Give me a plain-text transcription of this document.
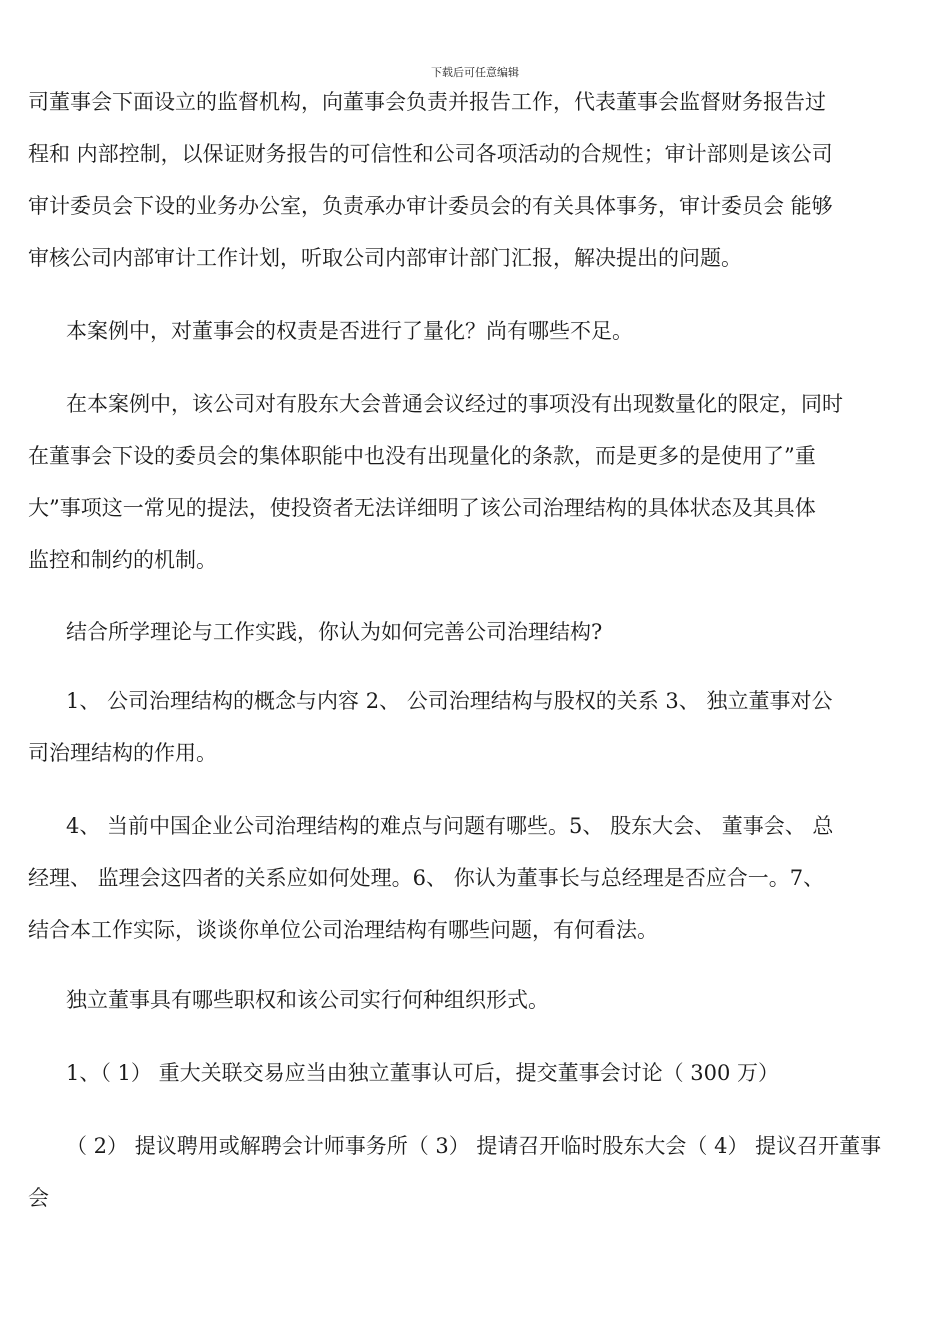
下载后可任意编辑
司董事会下面设立的监督机构，向董事会负责并报告工作，代表董事会监督财务报告过
程和 内部控制，以保证财务报告的可信性和公司各项活动的合规性；审计部则是该公司
审计委员会下设的业务办公室，负责承办审计委员会的有关具体事务，审计委员会 能够
审核公司内部审计工作计划，听取公司内部审计部门汇报，解决提出的问题。
本案例中，对董事会的权责是否进行了量化？尚有哪些不足。
在本案例中，该公司对有股东大会普通会议经过的事项没有出现数量化的限定，同时
在董事会下设的委员会的集体职能中也没有出现量化的条款，而是更多的是使用了”重
大”事项这一常见的提法，使投资者无法详细明了该公司治理结构的具体状态及其具体
监控和制约的机制。
结合所学理论与工作实践，你认为如何完善公司治理结构?
1、 公司治理结构的概念与内容 2、 公司治理结构与股权的关系 3、 独立董事对公
司治理结构的作用。
4、 当前中国企业公司治理结构的难点与问题有哪些。5、 股东大会、 董事会、 总
经理、 监理会这四者的关系应如何处理。6、 你认为董事长与总经理是否应合一。7、
结合本工作实际，谈谈你单位公司治理结构有哪些问题，有何看法。
独立董事具有哪些职权和该公司实行何种组织形式。
1、（ 1） 重大关联交易应当由独立董事认可后，提交董事会讨论（ 300 万）
（ 2） 提议聘用或解聘会计师事务所（ 3） 提请召开临时股东大会（ 4） 提议召开董事
会
